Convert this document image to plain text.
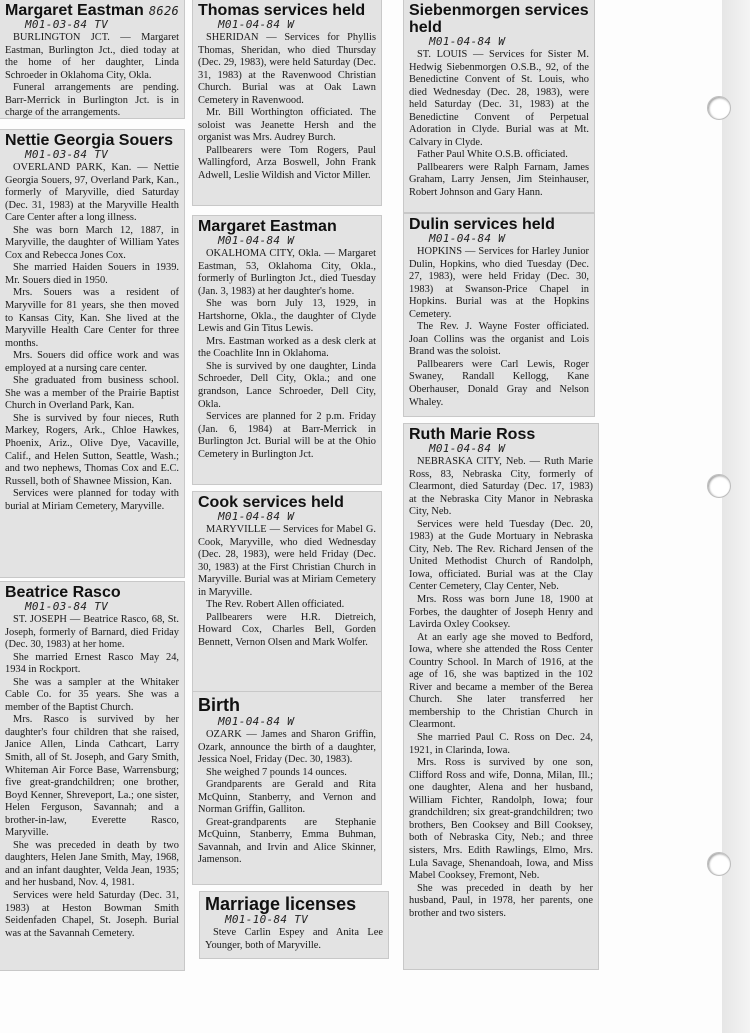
Margaret Eastman 8626
M01-03-84 TV

BURLINGTON JCT. — Margaret Eastman, Burlington Jct., died today at the home of her daughter, Linda Schroeder in Oklahoma City, Okla.

Funeral arrangements are pending. Barr-Merrick in Burlington Jct. is in charge of the arrangements.

Nettie Georgia Souers
M01-03-84 TV

OVERLAND PARK, Kan. — Nettie Georgia Souers, 97, Overland Park, Kan., formerly of Maryville, died Saturday (Dec. 31, 1983) at the Maryville Health Care Center after a long illness.

She was born March 12, 1887, in Maryville, the daughter of William Yates Cox and Rebecca Jones Cox.

She married Haiden Souers in 1939. Mr. Souers died in 1950.

Mrs. Souers was a resident of Maryville for 81 years, she then moved to Kansas City, Kan. She lived at the Maryville Health Care Center for three months.

Mrs. Souers did office work and was employed at a nursing care center.

She graduated from business school. She was a member of the Prairie Baptist Church in Overland Park, Kan.

She is survived by four nieces, Ruth Markey, Rogers, Ark., Chloe Hawkes, Phoenix, Ariz., Olive Dye, Vacaville, Calif., and Helen Sutton, Seattle, Wash.; and two nephews, Thomas Cox and E.C. Russell, both of Shawnee Mission, Kan.

Services were planned for today with burial at Miriam Cemetery, Maryville.

Beatrice Rasco
M01-03-84 TV

ST. JOSEPH — Beatrice Rasco, 68, St. Joseph, formerly of Barnard, died Friday (Dec. 30, 1983) at her home.

She married Ernest Rasco May 24, 1934 in Rockport.

She was a sampler at the Whitaker Cable Co. for 35 years. She was a member of the Baptist Church.

Mrs. Rasco is survived by her daughter's four children that she raised, Janice Allen, Linda Cathcart, Larry Smith, all of St. Joseph, and Gary Smith, Whiteman Air Force Base, Warrensburg; five great-grandchildren; one brother, Boyd Kenner, Shreveport, La.; one sister, Helen Ferguson, Savannah; and a brother-in-law, Everette Rasco, Maryville.

She was preceded in death by two daughters, Helen Jane Smith, May, 1968, and an infant daughter, Velda Jean, 1935; and her husband, Nov. 4, 1981.

Services were held Saturday (Dec. 31, 1983) at Heston Bowman Smith Seidenfaden Chapel, St. Joseph. Burial was at the Savannah Cemetery.

Thomas services held
M01-04-84 W

SHERIDAN — Services for Phyllis Thomas, Sheridan, who died Thursday (Dec. 29, 1983), were held Saturday (Dec. 31, 1983) at the Ravenwood Christian Church. Burial was at Oak Lawn Cemetery in Ravenwood.

Mr. Bill Worthington officiated. The soloist was Jeanette Hersh and the organist was Mrs. Audrey Burch.

Pallbearers were Tom Rogers, Paul Wallingford, Arza Boswell, John Frank Adwell, Leslie Wildish and Victor Miller.

Margaret Eastman
M01-04-84 W

OKALHOMA CITY, Okla. — Margaret Eastman, 53, Oklahoma City, Okla., formerly of Burlington Jct., died Tuesday (Jan. 3, 1983) at her daughter's home.

She was born July 13, 1929, in Hartshorne, Okla., the daughter of Clyde Lewis and Gin Titus Lewis.

Mrs. Eastman worked as a desk clerk at the Coachlite Inn in Oklahoma.

She is survived by one daughter, Linda Schroeder, Dell City, Okla.; and one grandson, Lance Schroeder, Dell City, Okla.

Services are planned for 2 p.m. Friday (Jan. 6, 1984) at Barr-Merrick in Burlington Jct. Burial will be at the Ohio Cemetery in Burlington Jct.

Cook services held
M01-04-84 W

MARYVILLE — Services for Mabel G. Cook, Maryville, who died Wednesday (Dec. 28, 1983), were held Friday (Dec. 30, 1983) at the First Christian Church in Maryville. Burial was at Miriam Cemetery in Maryville.

The Rev. Robert Allen officiated.

Pallbearers were H.R. Dietreich, Howard Cox, Charles Bell, Gorden Bennett, Vernon Olsen and Mark Wolfer.

Birth
M01-04-84 W

OZARK — James and Sharon Griffin, Ozark, announce the birth of a daughter, Jessica Noel, Friday (Dec. 30, 1983).

She weighed 7 pounds 14 ounces.

Grandparents are Gerald and Rita McQuinn, Stanberry, and Vernon and Norman Griffin, Galliton.

Great-grandparents are Stephanie McQuinn, Stanberry, Emma Buhman, Savannah, and Irvin and Alice Skinner, Jamenson.

Marriage licenses
M01-10-84 TV

Steve Carlin Espey and Anita Lee Younger, both of Maryville.

Siebenmorgen services held
M01-04-84 W

ST. LOUIS — Services for Sister M. Hedwig Siebenmorgen O.S.B., 92, of the Benedictine Convent of St. Louis, who died Wednesday (Dec. 28, 1983), were held Saturday (Dec. 31, 1983) at the Benedictine Convent of Perpetual Adoration in Clyde. Burial was at Mt. Calvary in Clyde.

Father Paul White O.S.B. officiated.

Pallbearers were Ralph Farnam, James Graham, Larry Jensen, Jim Steinhauser, Robert Johnson and Gary Hann.

Dulin services held
M01-04-84 W

HOPKINS — Services for Harley Junior Dulin, Hopkins, who died Tuesday (Dec. 27, 1983), were held Friday (Dec. 30, 1983) at Swanson-Price Chapel in Hopkins. Burial was at the Hopkins Cemetery.

The Rev. J. Wayne Foster officiated. Joan Collins was the organist and Lois Brand was the soloist.

Pallbearers were Carl Lewis, Roger Swaney, Randall Kellogg, Kane Oberhauser, Donald Gray and Nelson Whaley.

Ruth Marie Ross
M01-04-84 W

NEBRASKA CITY, Neb. — Ruth Marie Ross, 83, Nebraska City, formerly of Clearmont, died Saturday (Dec. 17, 1983) at the Nebraska City Manor in Nebraska City, Neb.

Services were held Tuesday (Dec. 20, 1983) at the Gude Mortuary in Nebraska City, Neb. The Rev. Richard Jensen of the United Methodist Church of Randolph, Iowa, officiated. Burial was at the Clay Center Cemetery, Clay Center, Neb.

Mrs. Ross was born June 18, 1900 at Forbes, the daughter of Joseph Henry and Lavirda Oxley Cooksey.

At an early age she moved to Bedford, Iowa, where she attended the Ross Center Country School. In March of 1916, at the age of 16, she was baptized in the 102 River and became a member of the Berea Church. She later transferred her membership to the Christian Church in Clearmont.

She married Paul C. Ross on Dec. 24, 1921, in Clarinda, Iowa.

Mrs. Ross is survived by one son, Clifford Ross and wife, Donna, Milan, Ill.; one daughter, Alena and her husband, William Fichter, Randolph, Iowa; four grandchildren; six great-grandchildren; two brothers, Ben Cooksey and Bill Cooksey, both of Nebraska City, Neb.; and three sisters, Mrs. Edith Rawlings, Elmo, Mrs. Lula Savage, Shenandoah, Iowa, and Miss Mabel Cooksey, Fremont, Neb.

She was preceded in death by her husband, Paul, in 1978, her parents, one brother and two sisters.
